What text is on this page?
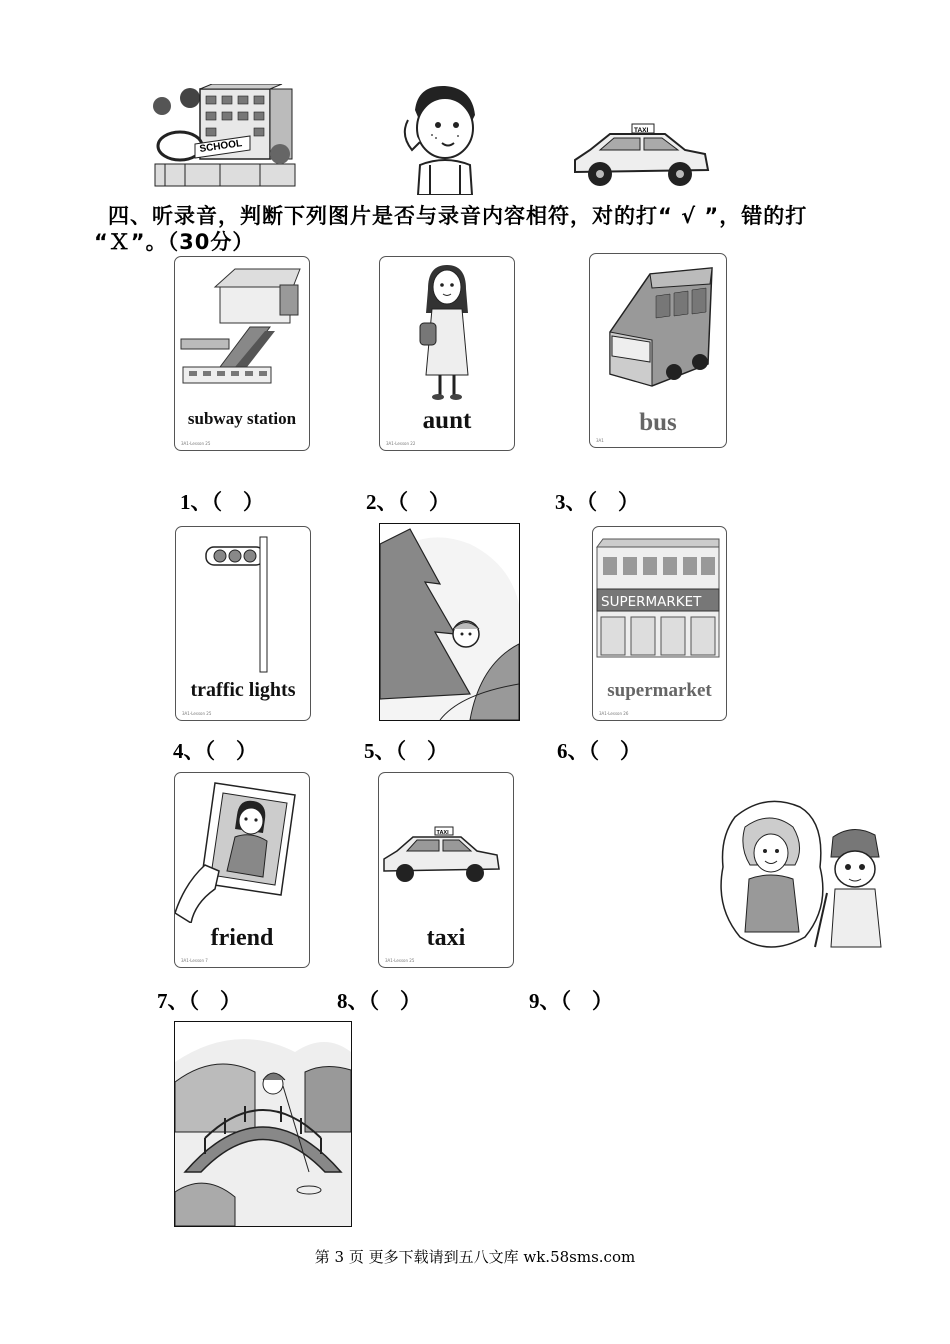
SCHOOL
TAXI
四、听录音，判断下列图片是否与录音内容相符，对的打“ √ ”，错的打
“Ｘ”。（30分）
subway station
3A1-Lesson 25
aunt
3A1-Lesson 22
bus
3A1
1、（    ）	2、（    ）	3、（    ）
traffic lights
3A1-Lesson 25
SUPERMARKET
supermarket
3A1-Lesson 26
4、（    ）	5、（    ）	6、（    ）
friend
3A1-Lesson 7
TAXI
taxi
3A1-Lesson 25
7、（    ）	8、（    ）	9、（    ）
第 3 页 更多下载请到五八文库 wk.58sms.com
